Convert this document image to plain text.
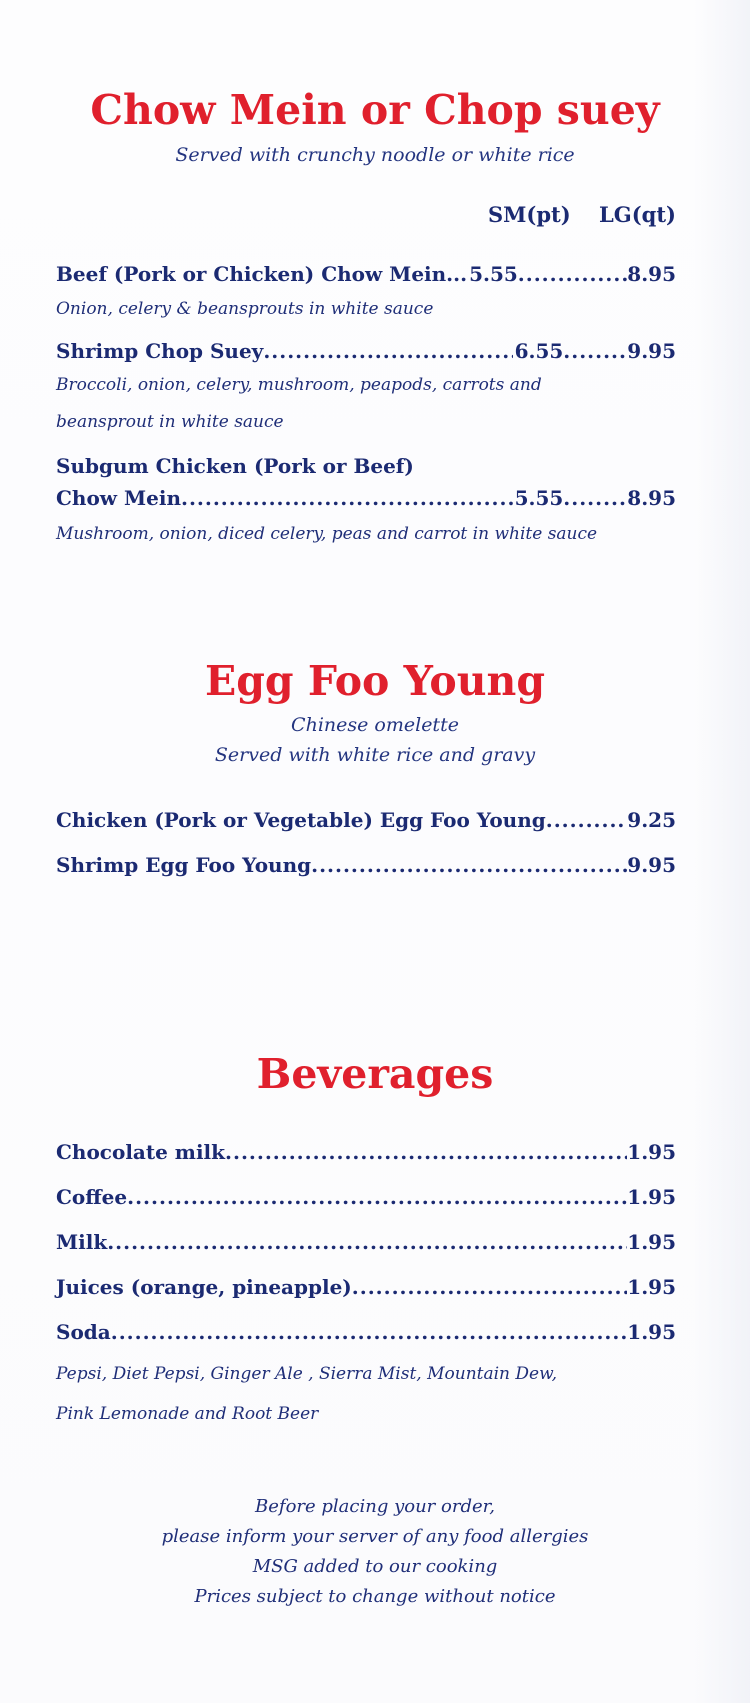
Chow Mein or Chop suey

Served with crunchy noodle or white rice

SM(pt) LG(qt)
Beef (Pork or Chicken) Chow Mein... 5.55 .....	8.95

Onion, celery & beansprouts in white sauce

Shrimp Chop Suey .....	6.55 .....	9.95

Broccoli, onion, celery, mushroom, peapods, carrots and

beansprout in white sauce

Subgum Chicken (Pork or Beef)
Chow Mein .....	5.55 .....	8.95

Mushroom, onion, diced celery, peas and carrot in white sauce

Egg Foo Young

Chinese omelette

Served with white rice and gravy

Chicken (Pork or Vegetable) Egg Foo Young .....	9.25
Shrimp Egg Foo Young .....	9.95
Beverages
Chocolate milk .....	1.95
Coffee .....	1.95
Milk .....	1.95
Juices (orange, pineapple) .....	1.95
Soda .....	1.95

Pepsi, Diet Pepsi, Ginger Ale , Sierra Mist, Mountain Dew,

Pink Lemonade and Root Beer

Before placing your order,
please inform your server of any food allergies
MSG added to our cooking
Prices subject to change without notice
